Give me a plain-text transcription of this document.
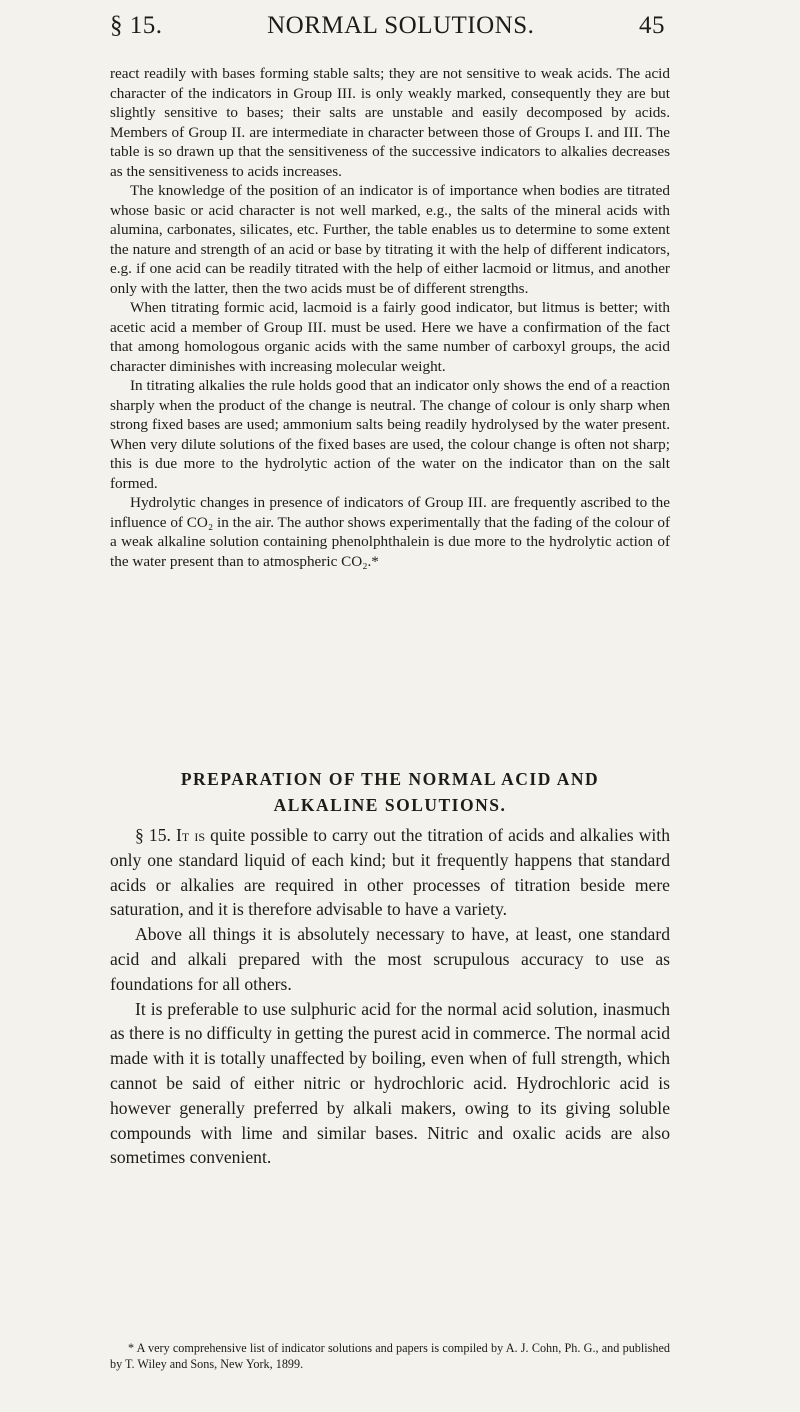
§ 15.	NORMAL SOLUTIONS.	45

react readily with bases forming stable salts; they are not sensitive to weak acids. The acid character of the indicators in Group III. is only weakly marked, consequently they are but slightly sensitive to bases; their salts are unstable and easily decomposed by acids. Members of Group II. are intermediate in character between those of Groups I. and III. The table is so drawn up that the sensitiveness of the successive indicators to alkalies decreases as the sensitiveness to acids increases.

The knowledge of the position of an indicator is of importance when bodies are titrated whose basic or acid character is not well marked, e.g., the salts of the mineral acids with alumina, carbonates, silicates, etc. Further, the table enables us to determine to some extent the nature and strength of an acid or base by titrating it with the help of different indicators, e.g. if one acid can be readily titrated with the help of either lacmoid or litmus, and another only with the latter, then the two acids must be of different strengths.

When titrating formic acid, lacmoid is a fairly good indicator, but litmus is better; with acetic acid a member of Group III. must be used. Here we have a confirmation of the fact that among homologous organic acids with the same number of carboxyl groups, the acid character diminishes with increasing molecular weight.

In titrating alkalies the rule holds good that an indicator only shows the end of a reaction sharply when the product of the change is neutral. The change of colour is only sharp when strong fixed bases are used; ammonium salts being readily hydrolysed by the water present. When very dilute solutions of the fixed bases are used, the colour change is often not sharp; this is due more to the hydrolytic action of the water on the indicator than on the salt formed.

Hydrolytic changes in presence of indicators of Group III. are frequently ascribed to the influence of CO₂ in the air. The author shows experimentally that the fading of the colour of a weak alkaline solution containing phenolphthalein is due more to the hydrolytic action of the water present than to atmospheric CO₂.*

PREPARATION OF THE NORMAL ACID AND
ALKALINE SOLUTIONS.

§ 15. It is quite possible to carry out the titration of acids and alkalies with only one standard liquid of each kind; but it frequently happens that standard acids or alkalies are required in other processes of titration beside mere saturation, and it is therefore advisable to have a variety.

Above all things it is absolutely necessary to have, at least, one standard acid and alkali prepared with the most scrupulous accuracy to use as foundations for all others.

It is preferable to use sulphuric acid for the normal acid solution, inasmuch as there is no difficulty in getting the purest acid in commerce. The normal acid made with it is totally unaffected by boiling, even when of full strength, which cannot be said of either nitric or hydrochloric acid. Hydrochloric acid is however generally preferred by alkali makers, owing to its giving soluble compounds with lime and similar bases. Nitric and oxalic acids are also sometimes convenient.

* A very comprehensive list of indicator solutions and papers is compiled by A. J. Cohn, Ph. G., and published by T. Wiley and Sons, New York, 1899.
